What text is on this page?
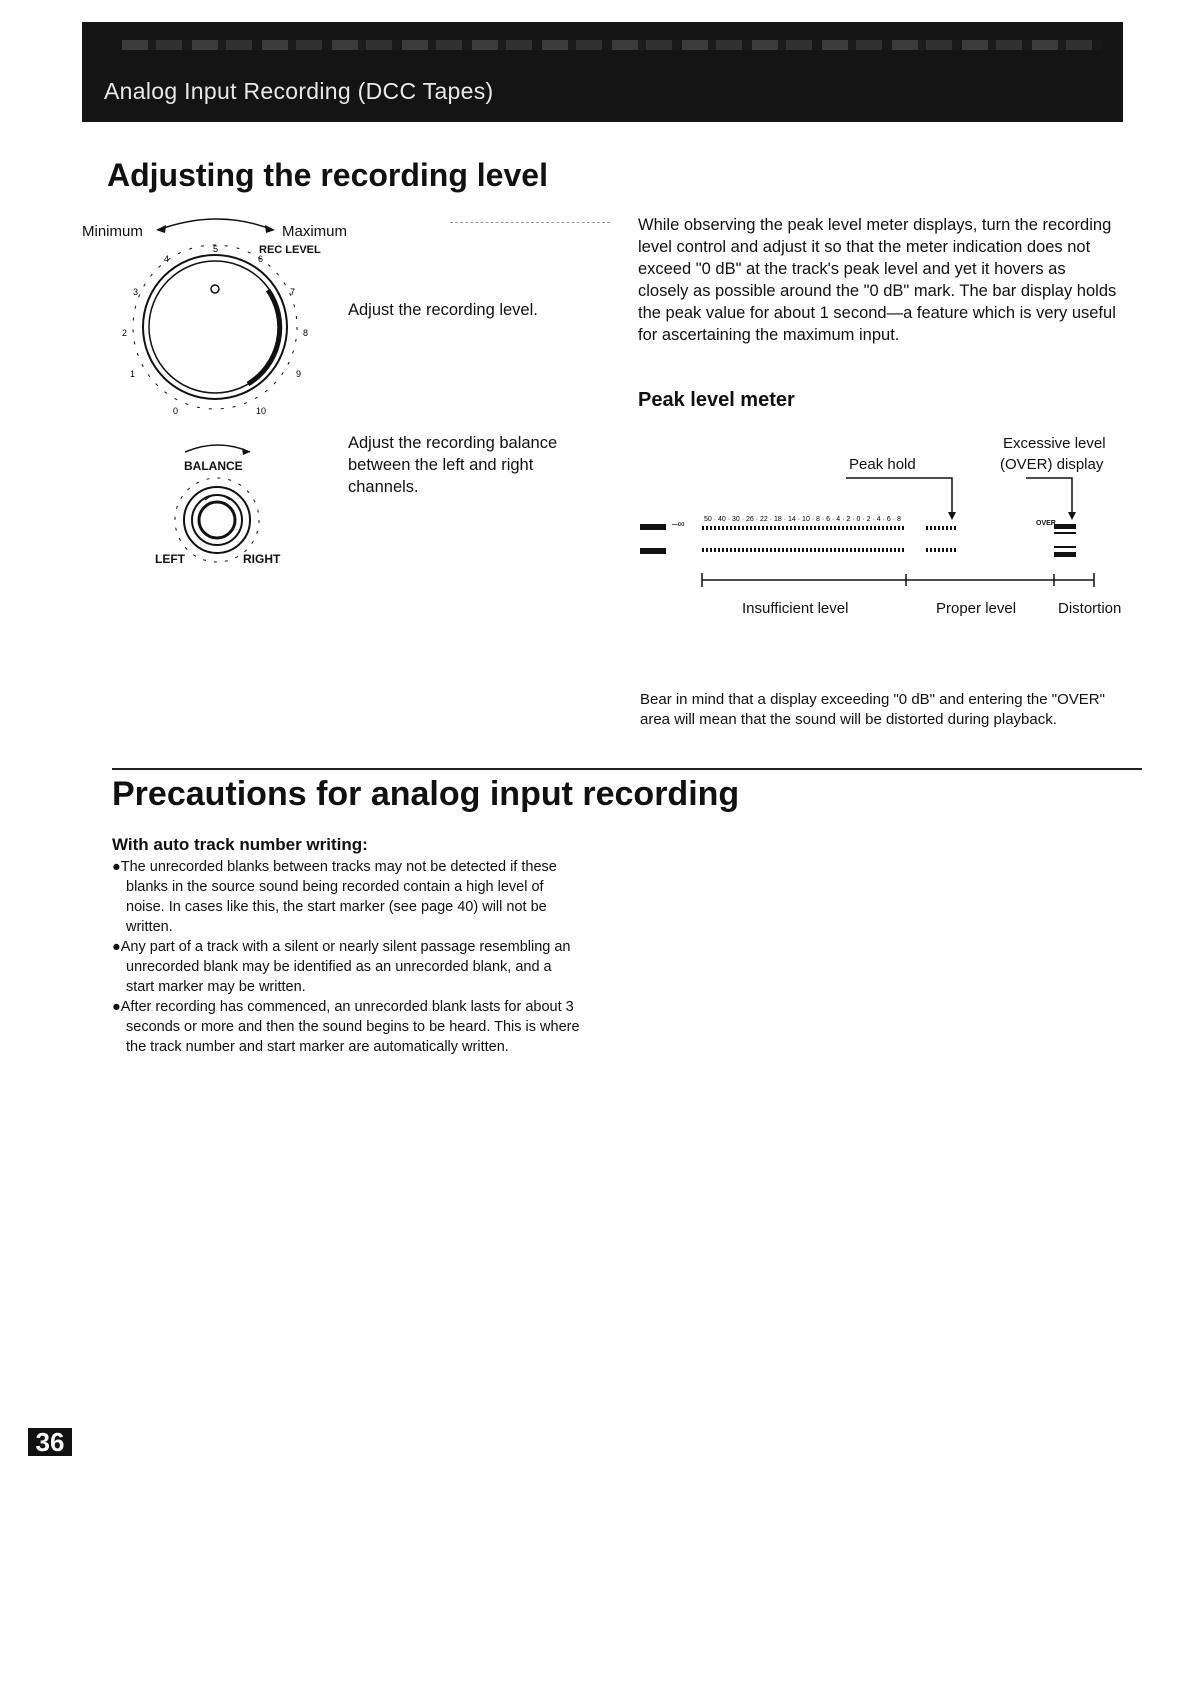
Analog Input Recording (DCC Tapes)
Adjusting the recording level
Minimum	Maximum
REC LEVEL
0
1
2
3
4
5
6
7
8
9
10
Adjust the recording level.
BALANCE
LEFT	RIGHT
Adjust the recording balance between the left and right channels.
While observing the peak level meter displays, turn the recording level control and adjust it so that the meter indication does not exceed "0 dB" at the track's peak level and yet it hovers as closely as possible around the "0 dB" mark. The bar display holds the peak value for about 1 second—a feature which is very useful for ascertaining the maximum input.
Peak level meter
Excessive level
(OVER) display
Peak hold
–∞	50 · 40 · 30 · 26 · 22 · 18 · 14 · 10 · 8 · 6 · 4 · 2 · 0 · 2 · 4 · 6 · 8
OVER
Insufficient level	Proper level	Distortion
Bear in mind that a display exceeding "0 dB" and entering the "OVER" area will mean that the sound will be distorted during playback.
Precautions for analog input recording
With auto track number writing:

●The unrecorded blanks between tracks may not be detected if these blanks in the source sound being recorded contain a high level of noise. In cases like this, the start marker (see page 40) will not be written.

●Any part of a track with a silent or nearly silent passage resembling an unrecorded blank may be identified as an unrecorded blank, and a start marker may be written.

●After recording has commenced, an unrecorded blank lasts for about 3 seconds or more and then the sound begins to be heard. This is where the track number and start marker are automatically written.

36
